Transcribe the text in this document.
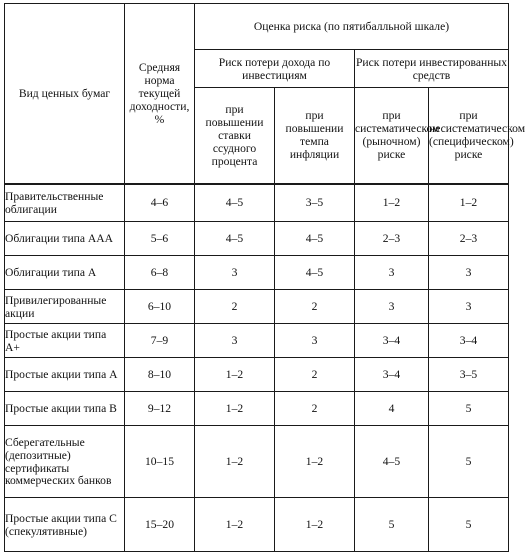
Вид ценных бумаг	Средняя норма текущей доходности, %	Оценка риска (по пятибалльной шкале)			
		Риск потери дохода по инвестициям		Риск потери инвестированных средств	
		при повышении ставки ссудного процента	при повышении темпа инфляции	при систематическом (рыночном) риске	при несистематическом (специфическом) риске
Правительственные облигации	4–6	4–5	3–5	1–2	1–2
Облигации типа ААА	5–6	4–5	4–5	2–3	2–3
Облигации типа А	6–8	3	4–5	3	3
Привилегированные акции	6–10	2	2	3	3
Простые акции типа А+	7–9	3	3	3–4	3–4
Простые акции типа А	8–10	1–2	2	3–4	3–5
Простые акции типа В	9–12	1–2	2	4	5
Сберегательные (депозитные) сертификаты коммерческих банков	10–15	1–2	1–2	4–5	5
Простые акции типа С (спекулятивные)	15–20	1–2	1–2	5	5
